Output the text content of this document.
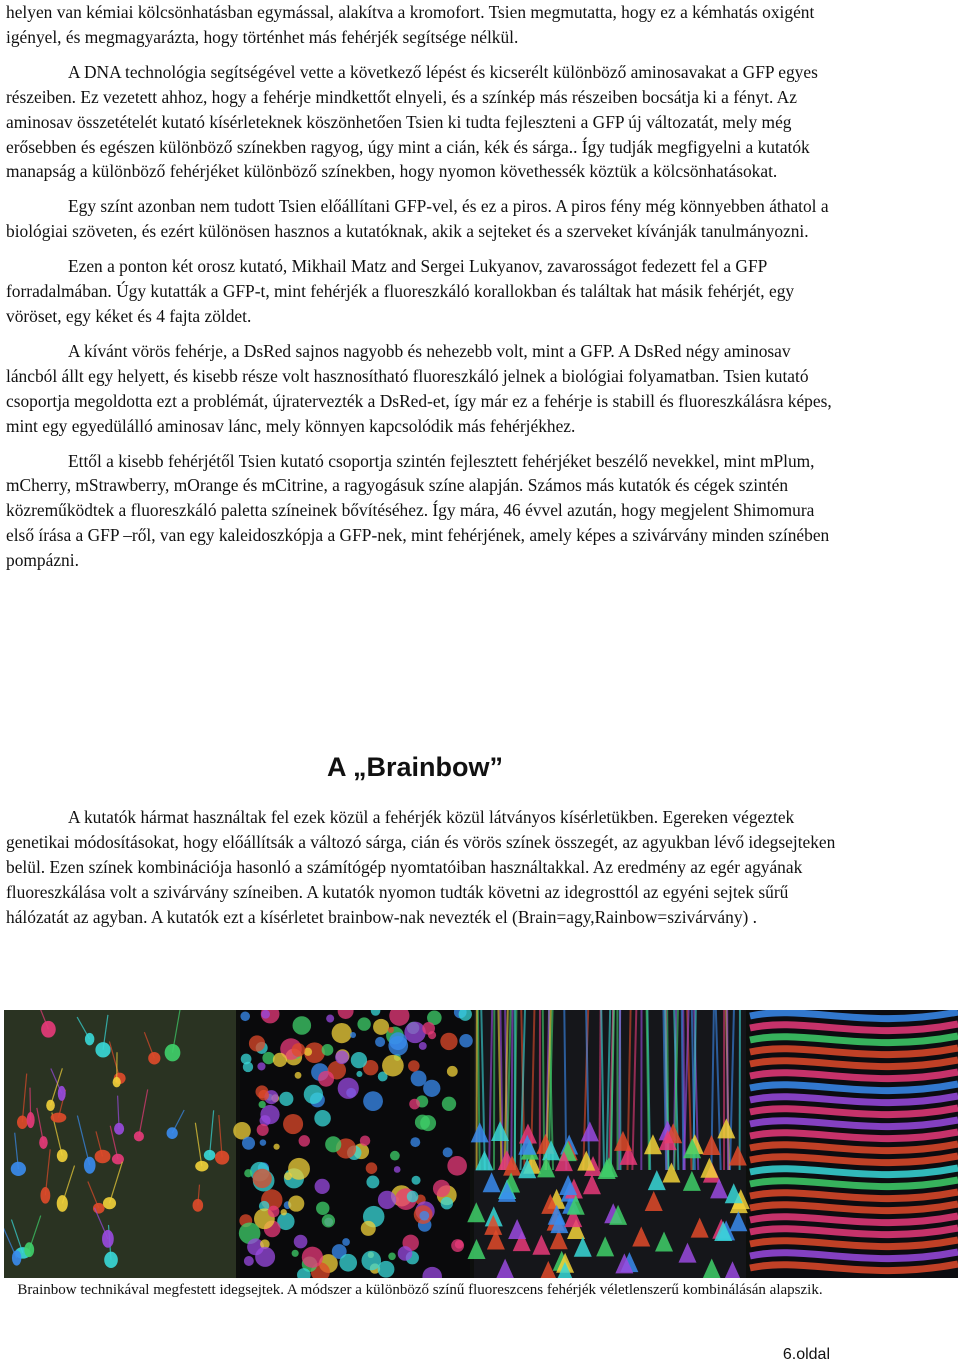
helyen van kémiai kölcsönhatásban egymással, alakítva a kromofort. Tsien megmutatta, hogy ez a kémhatás oxigént igényel, és megmagyarázta, hogy történhet más fehérjék segítsége nélkül.

A DNA technológia segítségével vette a következő lépést és kicserélt különböző aminosavakat a GFP egyes részeiben. Ez vezetett ahhoz, hogy a fehérje mindkettőt elnyeli, és a színkép más részeiben bocsátja ki a fényt. Az aminosav összetételét kutató kísérleteknek köszönhetően Tsien ki tudta fejleszteni a GFP új változatát, mely még erősebben és egészen különböző színekben ragyog, úgy mint a cián, kék és sárga.. Így tudják megfigyelni a kutatók manapság a különböző fehérjéket különböző színekben, hogy nyomon követhessék köztük a kölcsönhatásokat.

Egy színt azonban nem tudott Tsien előállítani GFP-vel, és ez a piros. A piros fény még könnyebben áthatol a biológiai szöveten, és ezért különösen hasznos a kutatóknak, akik a sejteket és a szerveket kívánják tanulmányozni.

Ezen a ponton két orosz kutató, Mikhail Matz and Sergei Lukyanov, zavarosságot fedezett fel a GFP forradalmában. Úgy kutatták a GFP-t, mint fehérjék a fluoreszkáló korallokban és találtak hat másik fehérjét, egy vöröset, egy kéket és 4 fajta zöldet.

A kívánt vörös fehérje, a DsRed sajnos nagyobb és nehezebb volt, mint a GFP. A DsRed négy aminosav láncból állt egy helyett, és kisebb része volt hasznosítható fluoreszkáló jelnek a biológiai folyamatban. Tsien kutató csoportja megoldotta ezt a problémát, újratervezték a DsRed-et, így már ez a fehérje is stabill és fluoreszkálásra képes, mint egy egyedülálló aminosav lánc, mely könnyen kapcsolódik más fehérjékhez.

Ettől a kisebb fehérjétől Tsien kutató csoportja szintén fejlesztett fehérjéket beszélő nevekkel, mint mPlum, mCherry, mStrawberry, mOrange és mCitrine, a ragyogásuk színe alapján. Számos más kutatók és cégek szintén közreműködtek a fluoreszkáló paletta színeinek bővítéséhez. Így mára, 46 évvel azután, hogy megjelent Shimomura első írása a GFP –ről, van egy kaleidoszkópja a GFP-nek, mint fehérjének, amely képes a szivárvány minden színében pompázni.

A „Brainbow”

A kutatók hármat használtak fel ezek közül a fehérjék közül látványos kísérletükben. Egereken végeztek genetikai módosításokat, hogy előállítsák a változó sárga, cián és vörös színek összegét, az agyukban lévő idegsejteken belül. Ezen színek kombinációja hasonló a számítógép nyomtatóiban használtakkal. Az eredmény az egér agyának fluoreszkálása volt a szivárvány színeiben. A kutatók nyomon tudták követni az idegrosttól az egyéni sejtek sűrű hálózatát az agyban. A kutatók ezt a kísérletet brainbow-nak nevezték el (Brain=agy,Rainbow=szivárvány) .

Brainbow technikával megfestett idegsejtek. A módszer a különböző színű fluoreszcens fehérjék véletlenszerű kombinálásán alapszik.
6.oldal
